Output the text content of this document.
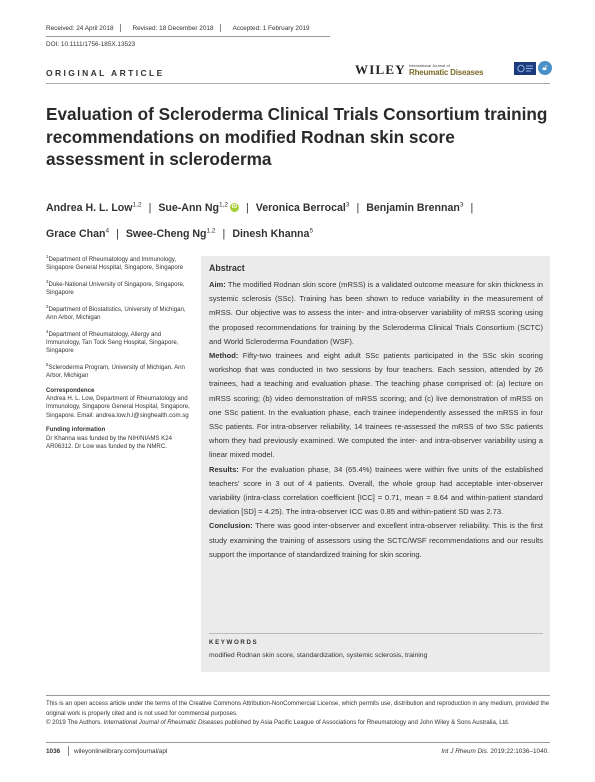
Received: 24 April 2018	Revised: 18 December 2018	Accepted: 1 February 2019
DOI: 10.1111/1756-185X.13523
ORIGINAL ARTICLE	WILEY International Journal of
Rheumatic Diseases
🔓︎
Evaluation of Scleroderma Clinical Trials Consortium training recommendations on modified Rodnan skin score assessment in scleroderma
Andrea H. L. Low$^{1,2}$ | Sue-Ann Ng$^{1,2}$ iD | Veronica Berrocal$^3$ | Benjamin Brennan$^3$ |
Grace Chan$^4$ | Swee-Cheng Ng$^{1,2}$ | Dinesh Khanna$^5$
$^1$Department of Rheumatology and Immunology, Singapore General Hospital, Singapore, Singapore
$^2$Duke-National University of Singapore, Singapore, Singapore
$^3$Department of Biostatistics, University of Michigan, Ann Arbor, Michigan
$^4$Department of Rheumatology, Allergy and Immunology, Tan Tock Seng Hospital, Singapore, Singapore
$^5$Scleroderma Program, University of Michigan, Ann Arbor, Michigan
Correspondence
Andrea H. L. Low, Department of Rheumatology and Immunology, Singapore General Hospital, Singapore, Singapore. Email: andrea.low.h.l@singhealth.com.sg
Funding information
Dr Khanna was funded by the NIH/NIAMS K24 AR06312. Dr Low was funded by the NMRC.
Abstract

Aim: The modified Rodnan skin score (mRSS) is a validated outcome measure for skin thickness in systemic sclerosis (SSc). Training has been shown to reduce variability in the measurement of mRSS. Our objective was to assess the inter- and intra-observer variability of mRSS scoring using the proposed recommendations for training by the Scleroderma Clinical Trials Consortium (SCTC) and World Scleroderma Foundation (WSF).

Method: Fifty-two trainees and eight adult SSc patients participated in the SSc skin scoring workshop that was conducted in two sessions by four teachers. Each session, attended by 26 trainees, had a teaching and evaluation phase. The teaching phase comprised of: (a) lecture on mRSS scoring; (b) video demonstration of mRSS scoring; and (c) live demonstration of mRSS on one SSc patient. In the evaluation phase, each trainee independently assessed the mRSS in four SSc patients. For intra-observer reliability, 14 trainees re-assessed the mRSS of two SSc patients whom they had previously examined. We computed the inter- and intra-observer variability using a linear mixed model.

Results: For the evaluation phase, 34 (65.4%) trainees were within five units of the established teachers' score in 3 out of 4 patients. Overall, the whole group had acceptable inter-observer variability (intra-class correlation coefficient [ICC] = 0.71, mean = 8.64 and within-patient standard deviation [SD] = 4.25). The intra-observer ICC was 0.85 and within-patient SD was 2.73.

Conclusion: There was good inter-observer and excellent intra-observer reliability. This is the first study examining the training of assessors using the SCTC/WSF recommendations and our results support the importance of standardized training for skin scoring.

KEYWORDS
modified Rodnan skin score, standardization, systemic sclerosis, training
This is an open access article under the terms of the Creative Commons Attribution-NonCommercial License, which permits use, distribution and reproduction in any medium, provided the original work is properly cited and is not used for commercial purposes.
© 2019 The Authors. International Journal of Rheumatic Diseases published by Asia Pacific League of Associations for Rheumatology and John Wiley & Sons Australia, Ltd.
1036 wileyonlinelibrary.com/journal/apl	Int J Rheum Dis. 2019;22:1036–1040.
